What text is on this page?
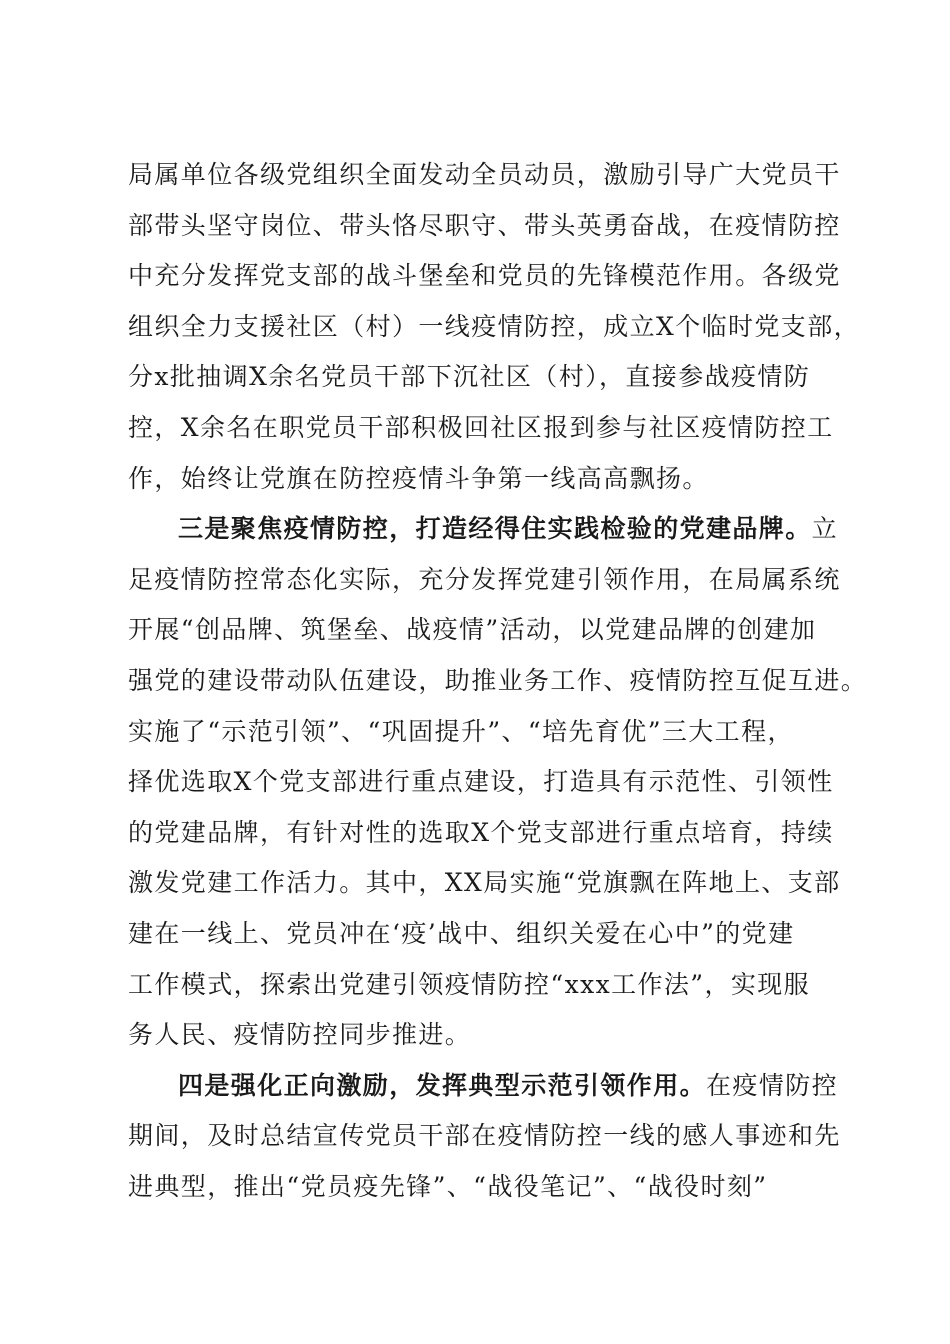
局属单位各级党组织全面发动全员动员，激励引导广大党员干
部带头坚守岗位、带头恪尽职守、带头英勇奋战，在疫情防控
中充分发挥党支部的战斗堡垒和党员的先锋模范作用。各级党
组织全力支援社区（村）一线疫情防控，成立X个临时党支部，
分x批抽调X余名党员干部下沉社区（村），直接参战疫情防
控，X余名在职党员干部积极回社区报到参与社区疫情防控工
作，始终让党旗在防控疫情斗争第一线高高飘扬。
三是聚焦疫情防控，打造经得住实践检验的党建品牌。立
足疫情防控常态化实际，充分发挥党建引领作用，在局属系统
开展“创品牌、筑堡垒、战疫情”活动，以党建品牌的创建加
强党的建设带动队伍建设，助推业务工作、疫情防控互促互进。
实施了“示范引领”、“巩固提升”、“培先育优”三大工程，
择优选取X个党支部进行重点建设，打造具有示范性、引领性
的党建品牌，有针对性的选取X个党支部进行重点培育，持续
激发党建工作活力。其中，XX局实施“党旗飘在阵地上、支部
建在一线上、党员冲在‘疫’战中、组织关爱在心中”的党建
工作模式，探索出党建引领疫情防控“xxx工作法”，实现服
务人民、疫情防控同步推进。
四是强化正向激励，发挥典型示范引领作用。在疫情防控
期间，及时总结宣传党员干部在疫情防控一线的感人事迹和先
进典型，推出“党员疫先锋”、“战役笔记”、“战役时刻”
